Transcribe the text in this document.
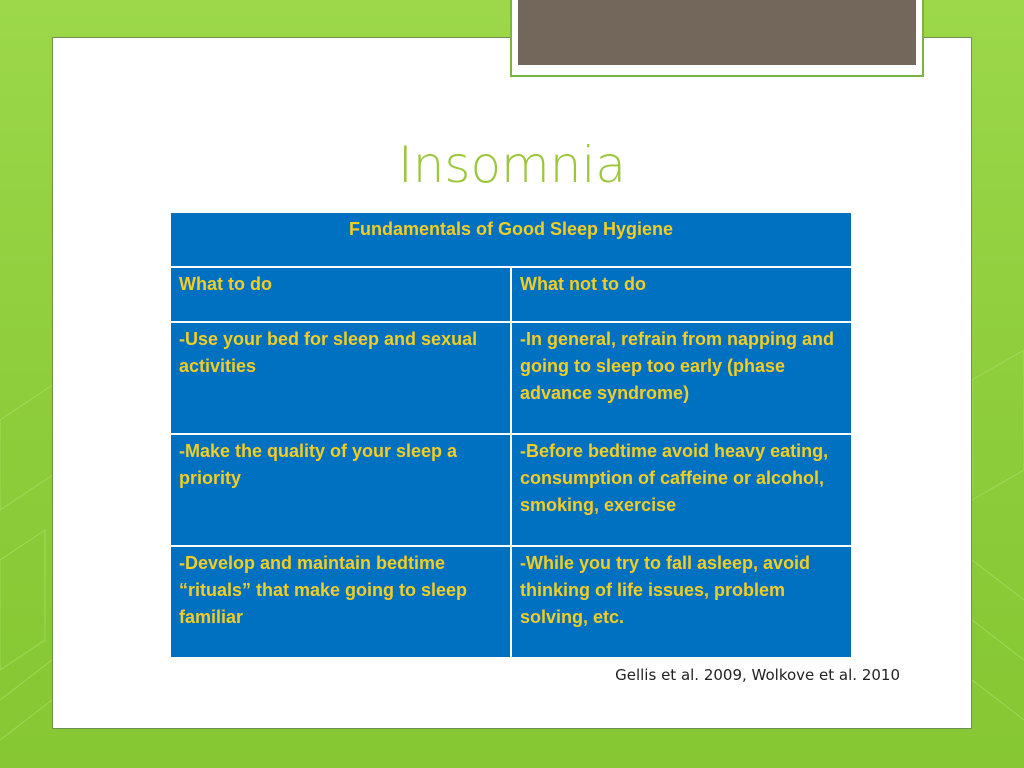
Insomnia
Fundamentals of Good Sleep Hygiene
What to do	What not to do
-Use your bed for sleep and sexual activities
-In general, refrain from napping and going to sleep too early (phase advance syndrome)
-Make the quality of your sleep a priority
-Before bedtime avoid heavy eating, consumption of caffeine or alcohol, smoking, exercise
-Develop and maintain bedtime “rituals” that make going to sleep familiar
-While you try to fall asleep, avoid thinking of life issues, problem solving, etc.
Gellis et al. 2009, Wolkove et al. 2010
